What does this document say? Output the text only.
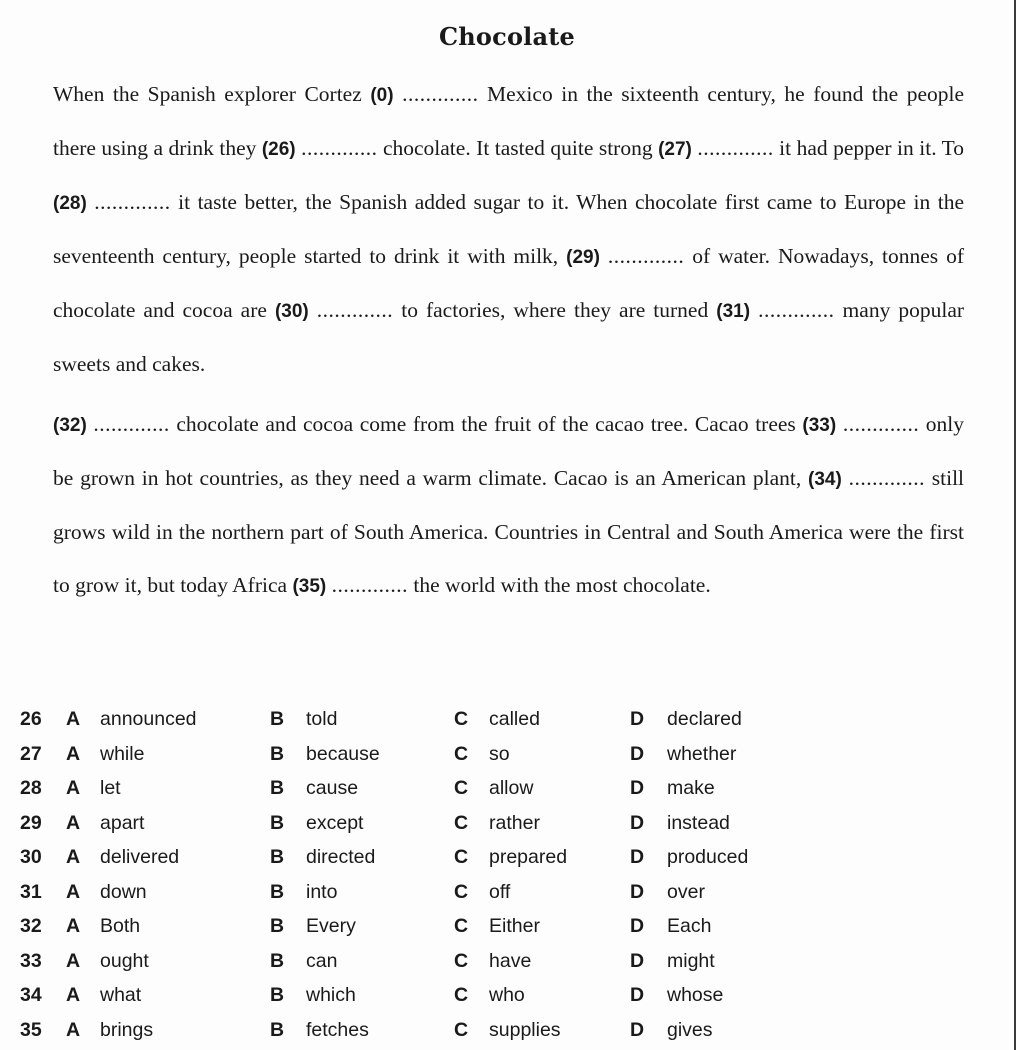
Chocolate

When the Spanish explorer Cortez (0) ............. Mexico in the sixteenth century, he found the people there using a drink they (26) ............. chocolate. It tasted quite strong (27) ............. it had pepper in it. To (28) ............. it taste better, the Spanish added sugar to it. When chocolate first came to Europe in the seventeenth century, people started to drink it with milk, (29) ............. of water. Nowadays, tonnes of chocolate and cocoa are (30) ............. to factories, where they are turned (31) ............. many popular sweets and cakes.

(32) ............. chocolate and cocoa come from the fruit of the cacao tree. Cacao trees (33) ............. only be grown in hot countries, as they need a warm climate. Cacao is an American plant, (34) ............. still grows wild in the northern part of South America. Countries in Central and South America were the first to grow it, but today Africa (35) ............. the world with the most chocolate.

26 A announced	B told	C called	D declared
27 A while	B because	C so	D whether
28 A let	B cause	C allow	D make
29 A apart	B except	C rather	D instead
30 A delivered	B directed	C prepared	D produced
31 A down	B into	C off	D over
32 A Both	B Every	C Either	D Each
33 A ought	B can	C have	D might
34 A what	B which	C who	D whose
35 A brings	B fetches	C supplies	D gives
